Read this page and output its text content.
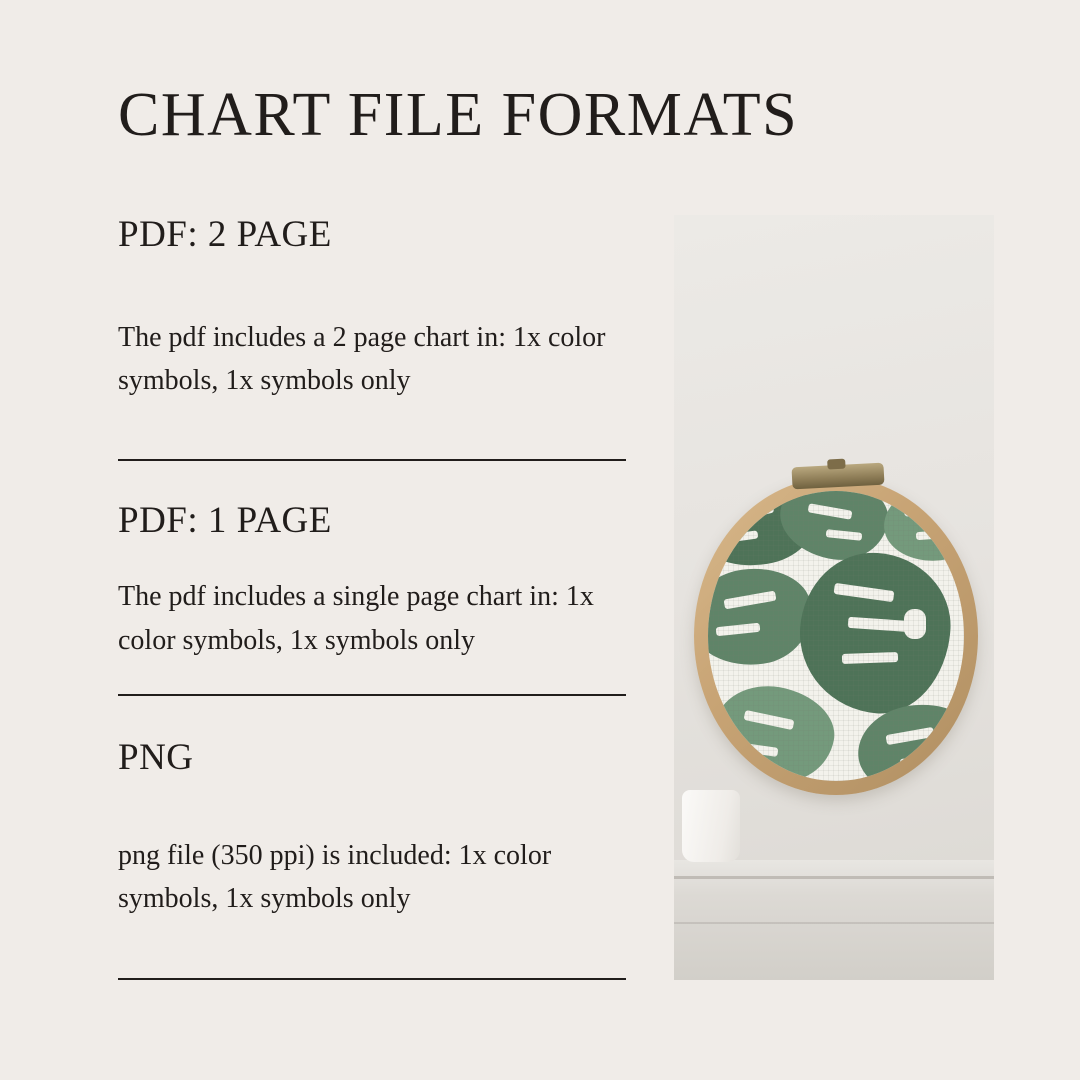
CHART FILE FORMATS
PDF: 2 PAGE
The pdf includes a 2 page chart in: 1x color symbols, 1x symbols only
PDF: 1 PAGE
The pdf includes a single page chart in: 1x color symbols, 1x symbols only
PNG
png file (350 ppi) is included: 1x color symbols, 1x symbols only
